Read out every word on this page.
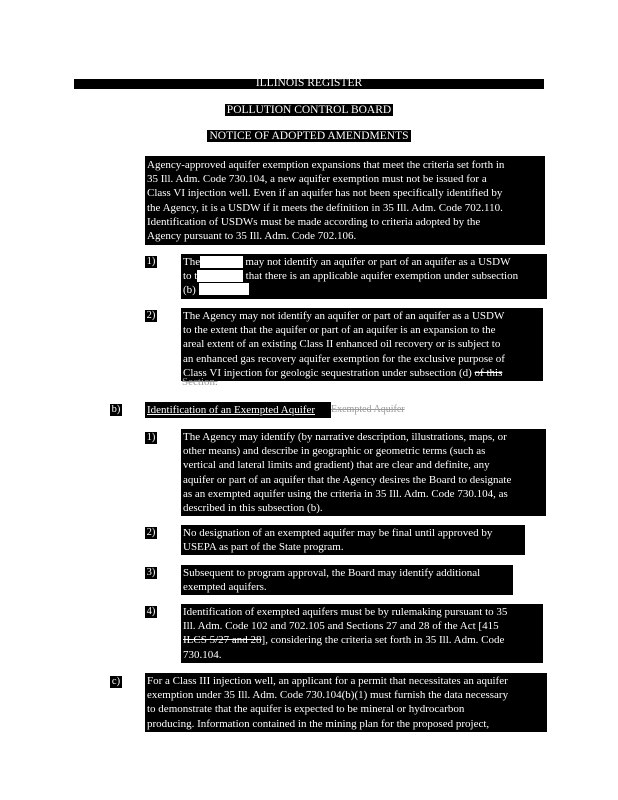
ILLINOIS REGISTER
POLLUTION CONTROL BOARD
NOTICE OF ADOPTED AMENDMENTS
Agency-approved aquifer exemption expansions that meet the criteria set forth in
35 Ill. Adm. Code 730.104, a new aquifer exemption must not be issued for a
Class VI injection well. Even if an aquifer has not been specifically identified by
the Agency, it is a USDW if it meets the definition in 35 Ill. Adm. Code 702.110.
Identification of USDWs must be made according to criteria adopted by the
Agency pursuant to 35 Ill. Adm. Code 702.106.
1)	The Agency   may not identify an aquifer or part of an aquifer as a USDW
to the extent   that there is an applicable aquifer exemption under subsection
(b)
2)	The Agency may not identify an aquifer or part of an aquifer as a USDW
to the extent that the aquifer or part of an aquifer is an expansion to the
areal extent of an existing Class II enhanced oil recovery or is subject to
an enhanced gas recovery aquifer exemption for the exclusive purpose of
Class VI injection for geologic sequestration under subsection (d) of this
Section.
b) Identification of an Exempted Aquifer	Exempted Aquifer
1)	The Agency may identify (by narrative description, illustrations, maps, or
other means) and describe in geographic or geometric terms (such as
vertical and lateral limits and gradient) that are clear and definite, any
aquifer or part of an aquifer that the Agency desires the Board to designate
as an exempted aquifer using the criteria in 35 Ill. Adm. Code 730.104, as
described in this subsection (b).
2)	No designation of an exempted aquifer may be final until approved by
USEPA as part of the State program.
3)	Subsequent to program approval, the Board may identify additional
exempted aquifers.
4)	Identification of exempted aquifers must be by rulemaking pursuant to 35
Ill. Adm. Code 102 and 702.105 and Sections 27 and 28 of the Act [415
ILCS 5/27 and 28], considering the criteria set forth in 35 Ill. Adm. Code
730.104.
c) For a Class III injection well, an applicant for a permit that necessitates an aquifer
exemption under 35 Ill. Adm. Code 730.104(b)(1) must furnish the data necessary
to demonstrate that the aquifer is expected to be mineral or hydrocarbon
producing. Information contained in the mining plan for the proposed project,
